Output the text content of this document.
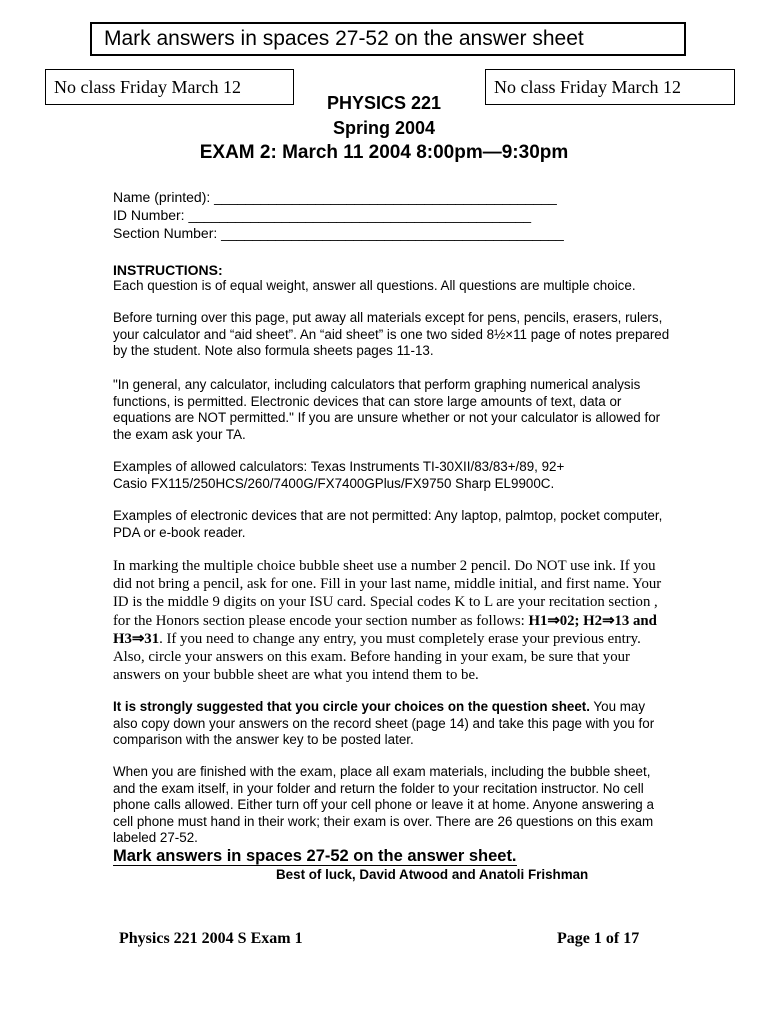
Mark answers in spaces 27-52 on the answer sheet
No class Friday March 12	No class Friday March 12
PHYSICS 221
Spring 2004
EXAM 2: March 11 2004 8:00pm—9:30pm
Name (printed): ____________________________________________
ID Number: ____________________________________________
Section Number: ____________________________________________
INSTRUCTIONS:
Each question is of equal weight, answer all questions. All questions are multiple choice.
Before turning over this page, put away all materials except for pens, pencils, erasers, rulers, your calculator and “aid sheet”. An “aid sheet” is one two sided 8½×11 page of notes prepared by the student. Note also formula sheets pages 11-13.
"In general, any calculator, including calculators that perform graphing numerical analysis functions, is permitted. Electronic devices that can store large amounts of text, data or equations are NOT permitted." If you are unsure whether or not your calculator is allowed for the exam ask your TA.
Examples of allowed calculators: Texas Instruments TI-30XII/83/83+/89, 92+
Casio FX115/250HCS/260/7400G/FX7400GPlus/FX9750 Sharp EL9900C.
Examples of electronic devices that are not permitted: Any laptop, palmtop, pocket computer, PDA or e-book reader.
In marking the multiple choice bubble sheet use a number 2 pencil. Do NOT use ink. If you did not bring a pencil, ask for one. Fill in your last name, middle initial, and first name. Your ID is the middle 9 digits on your ISU card. Special codes K to L are your recitation section , for the Honors section please encode your section number as follows: H1⇒02; H2⇒13 and H3⇒31. If you need to change any entry, you must completely erase your previous entry. Also, circle your answers on this exam. Before handing in your exam, be sure that your answers on your bubble sheet are what you intend them to be.
It is strongly suggested that you circle your choices on the question sheet. You may also copy down your answers on the record sheet (page 14) and take this page with you for comparison with the answer key to be posted later.
When you are finished with the exam, place all exam materials, including the bubble sheet, and the exam itself, in your folder and return the folder to your recitation instructor. No cell phone calls allowed. Either turn off your cell phone or leave it at home. Anyone answering a cell phone must hand in their work; their exam is over. There are 26 questions on this exam labeled 27-52.
Mark answers in spaces 27-52 on the answer sheet.
Best of luck, David Atwood and Anatoli Frishman
Physics 221 2004 S Exam 1	Page 1 of 17
